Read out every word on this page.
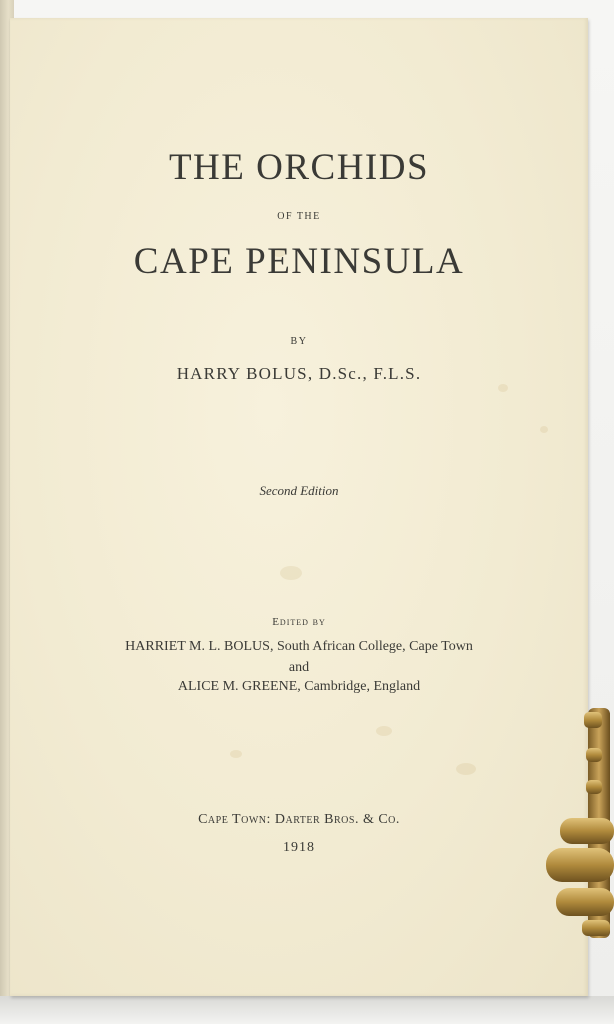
THE ORCHIDS
OF THE
CAPE PENINSULA
BY
HARRY BOLUS, D.Sc., F.L.S.
Second Edition
Edited by
HARRIET M. L. BOLUS, South African College, Cape Town
and
ALICE M. GREENE, Cambridge, England
Cape Town: Darter Bros. & Co.
1918
